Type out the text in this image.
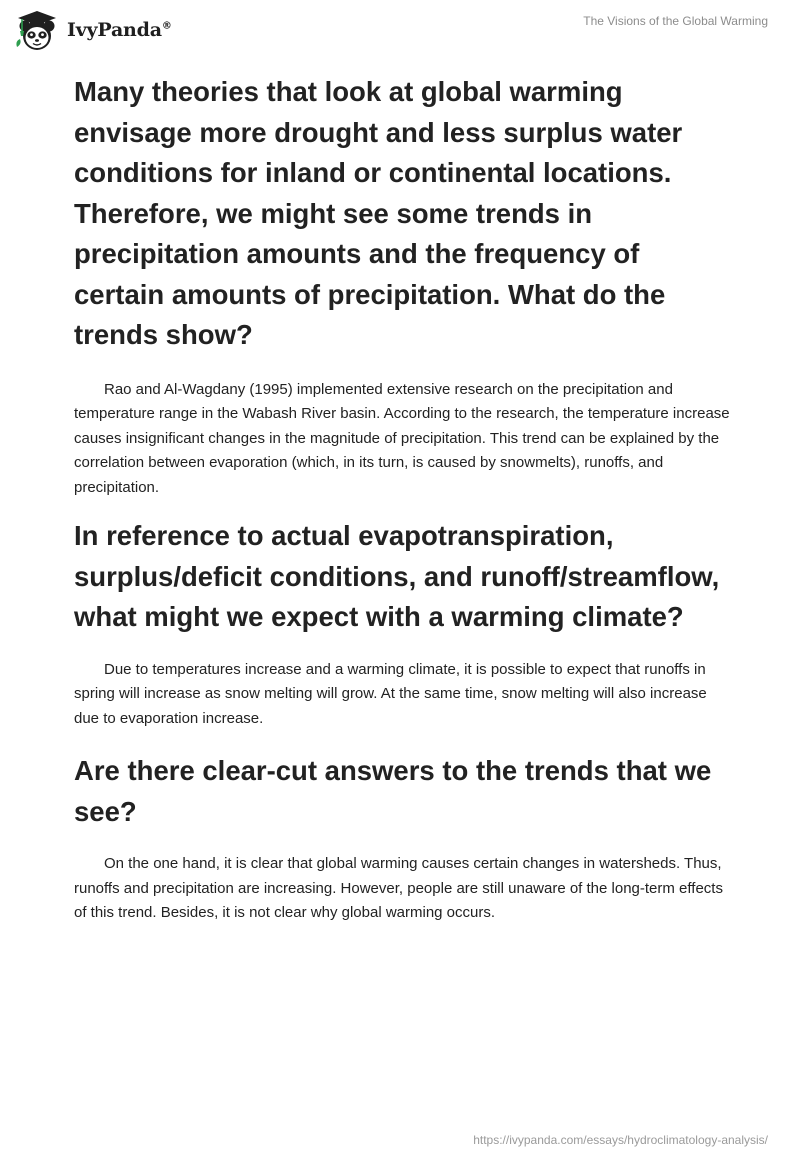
IvyPanda®	The Visions of the Global Warming
Many theories that look at global warming envisage more drought and less surplus water conditions for inland or continental locations. Therefore, we might see some trends in precipitation amounts and the frequency of certain amounts of precipitation. What do the trends show?

Rao and Al-Wagdany (1995) implemented extensive research on the precipitation and temperature range in the Wabash River basin. According to the research, the temperature increase causes insignificant changes in the magnitude of precipitation. This trend can be explained by the correlation between evaporation (which, in its turn, is caused by snowmelts), runoffs, and precipitation.

In reference to actual evapotranspiration, surplus/deficit conditions, and runoff/streamflow, what might we expect with a warming climate?

Due to temperatures increase and a warming climate, it is possible to expect that runoffs in spring will increase as snow melting will grow. At the same time, snow melting will also increase due to evaporation increase.

Are there clear-cut answers to the trends that we see?

On the one hand, it is clear that global warming causes certain changes in watersheds. Thus, runoffs and precipitation are increasing. However, people are still unaware of the long-term effects of this trend. Besides, it is not clear why global warming occurs.

https://ivypanda.com/essays/hydroclimatology-analysis/
